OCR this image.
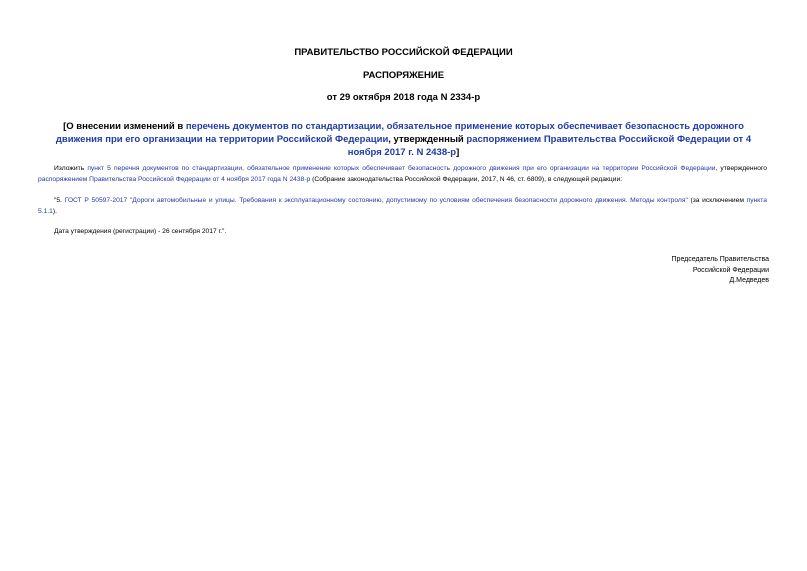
ПРАВИТЕЛЬСТВО РОССИЙСКОЙ ФЕДЕРАЦИИ
РАСПОРЯЖЕНИЕ
от 29 октября 2018 года N 2334-р
[О внесении изменений в перечень документов по стандартизации, обязательное применение которых обеспечивает безопасность дорожного движения при его организации на территории Российской Федерации, утвержденный распоряжением Правительства Российской Федерации от 4 ноября 2017 г. N 2438-р]
Изложить пункт 5 перечня документов по стандартизации, обязательное применение которых обеспечивает безопасность дорожного движения при его организации на территории Российской Федерации, утвержденного распоряжением Правительства Российской Федерации от 4 ноября 2017 года N 2438-р (Собрание законодательства Российской Федерации, 2017, N 46, ст. 6809), в следующей редакции:
"5. ГОСТ Р 50597-2017 "Дороги автомобильные и улицы. Требования к эксплуатационному состоянию, допустимому по условиям обеспечения безопасности дорожного движения. Методы контроля" (за исключением пункта 5.1.1).
Дата утверждения (регистрации) - 26 сентября 2017 г.".
Председатель Правительства
Российской Федерации
Д.Медведев
